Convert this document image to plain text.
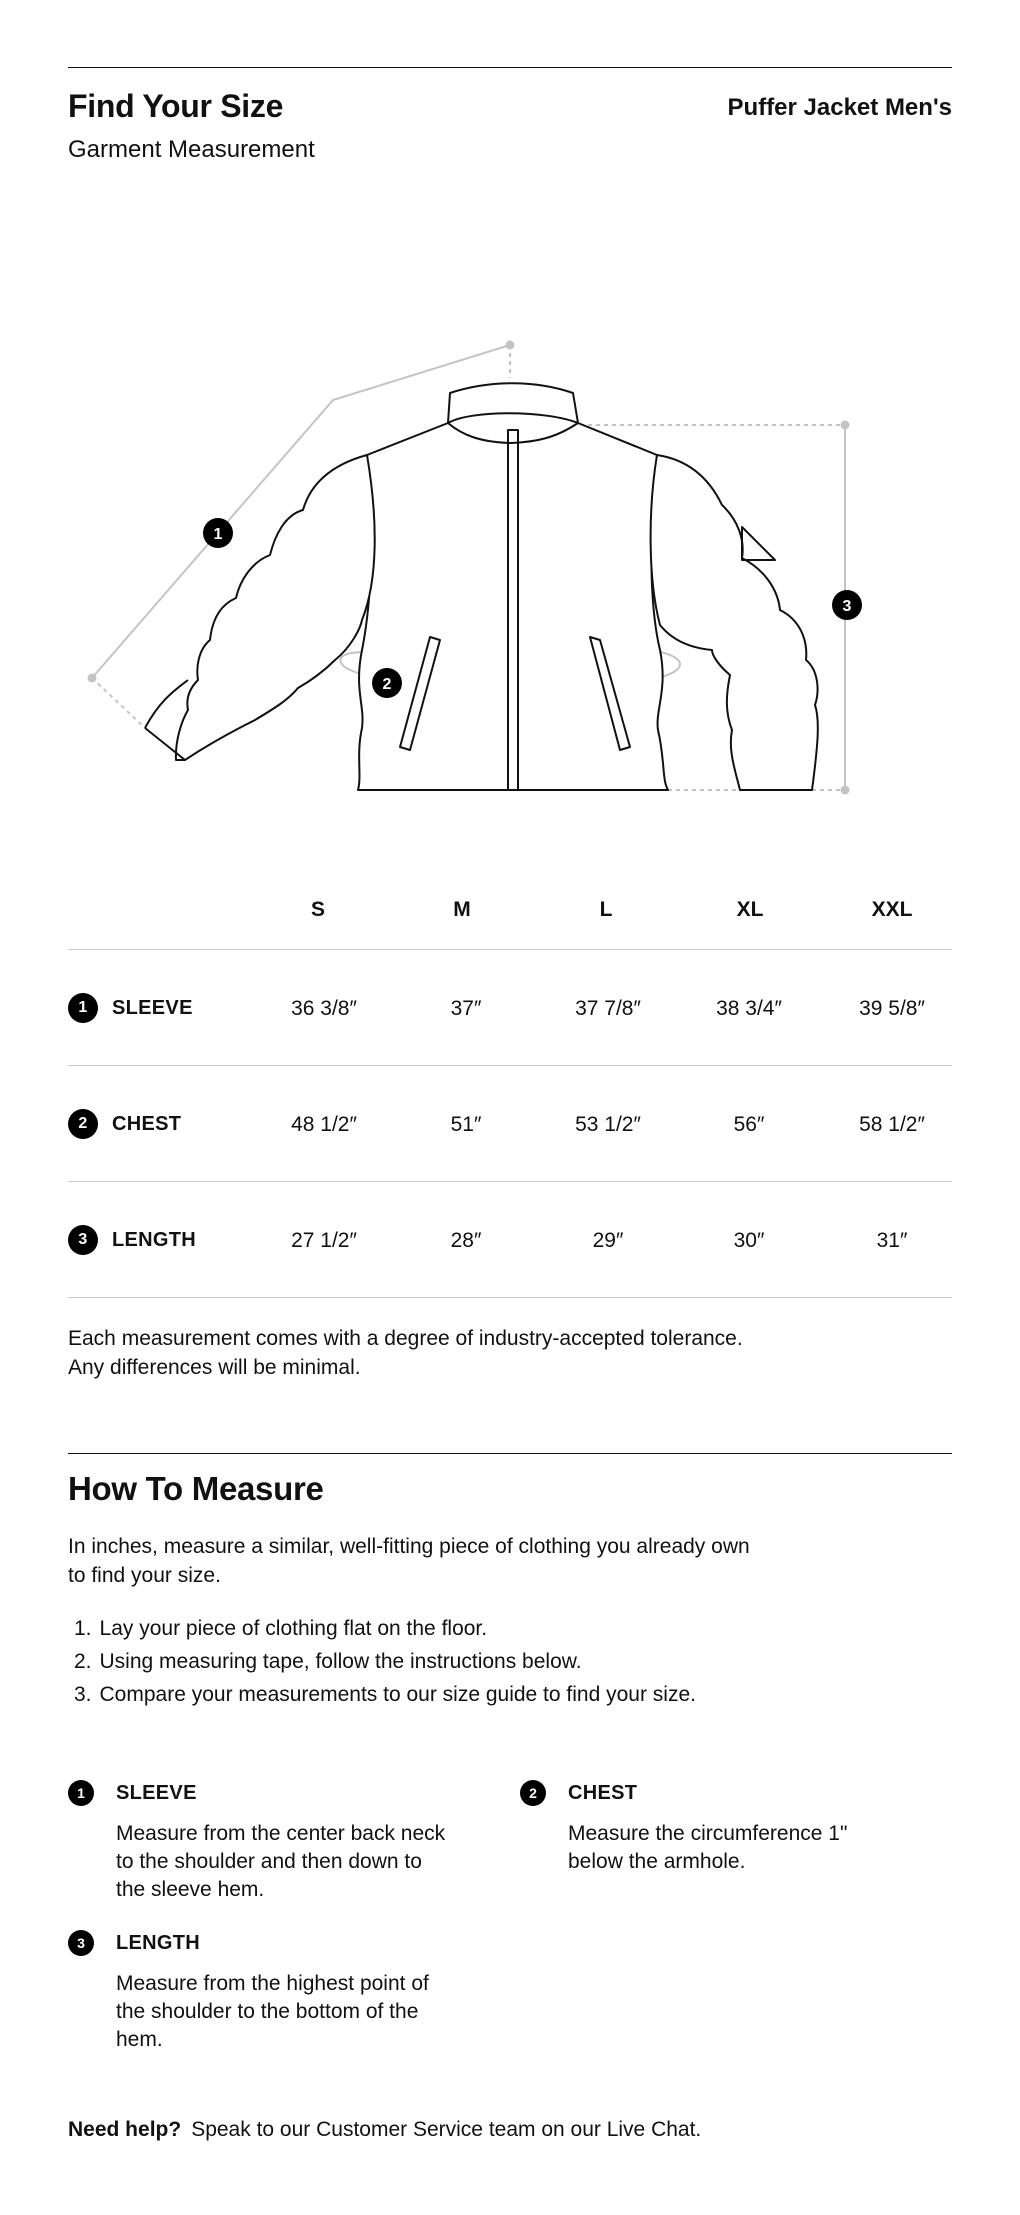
Find Your Size
Garment Measurement
Puffer Jacket Men's
1
2
3
S	M	L	XL	XXL
1	SLEEVE	36 3/8″	37″	37 7/8″	38 3/4″	39 5/8″
2	CHEST	48 1/2″	51″	53 1/2″	56″	58 1/2″
3	LENGTH	27 1/2″	28″	29″	30″	31″
Each measurement comes with a degree of industry-accepted tolerance.
Any differences will be minimal.
How To Measure
In inches, measure a similar, well-fitting piece of clothing you already own
to find your size.
1. Lay your piece of clothing flat on the floor.
2. Using measuring tape, follow the instructions below.
3. Compare your measurements to our size guide to find your size.
1	SLEEVE
Measure from the center back neck to the shoulder and then down to the sleeve hem.
2	CHEST
Measure the circumference 1" below the armhole.
3	LENGTH
Measure from the highest point of the shoulder to the bottom of the hem.
Need help? Speak to our Customer Service team on our Live Chat.
